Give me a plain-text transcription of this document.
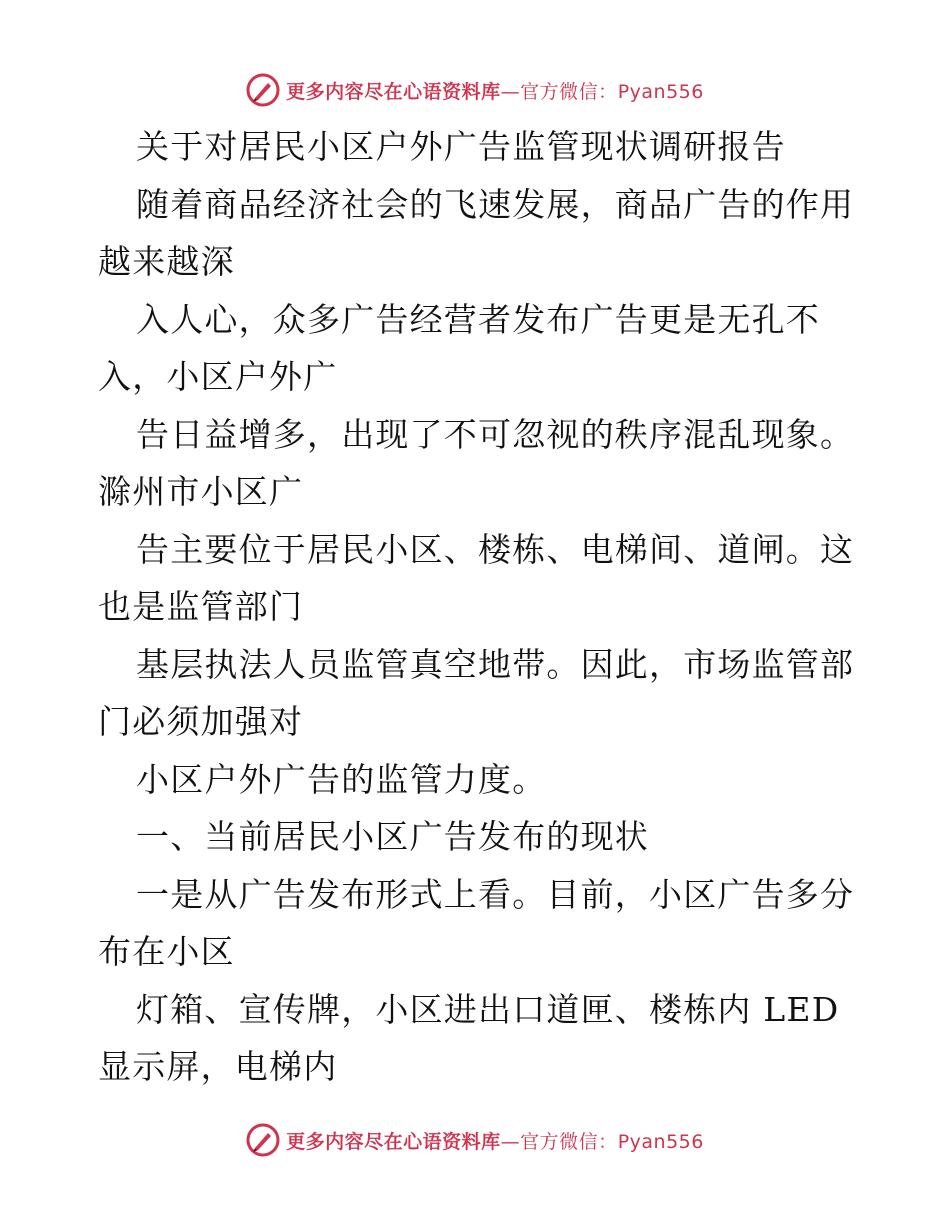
更多内容尽在心语资料库—官方微信：Pyan556
关于对居民小区户外广告监管现状调研报告
随着商品经济社会的飞速发展，商品广告的作用
越来越深
入人心，众多广告经营者发布广告更是无孔不
入，小区户外广
告日益增多，出现了不可忽视的秩序混乱现象。
滁州市小区广
告主要位于居民小区、楼栋、电梯间、道闸。这
也是监管部门
基层执法人员监管真空地带。因此，市场监管部
门必须加强对
小区户外广告的监管力度。
一、当前居民小区广告发布的现状
一是从广告发布形式上看。目前，小区广告多分
布在小区
灯箱、宣传牌，小区进出口道匣、楼栋内 LED
显示屏，电梯内
更多内容尽在心语资料库—官方微信：Pyan556
